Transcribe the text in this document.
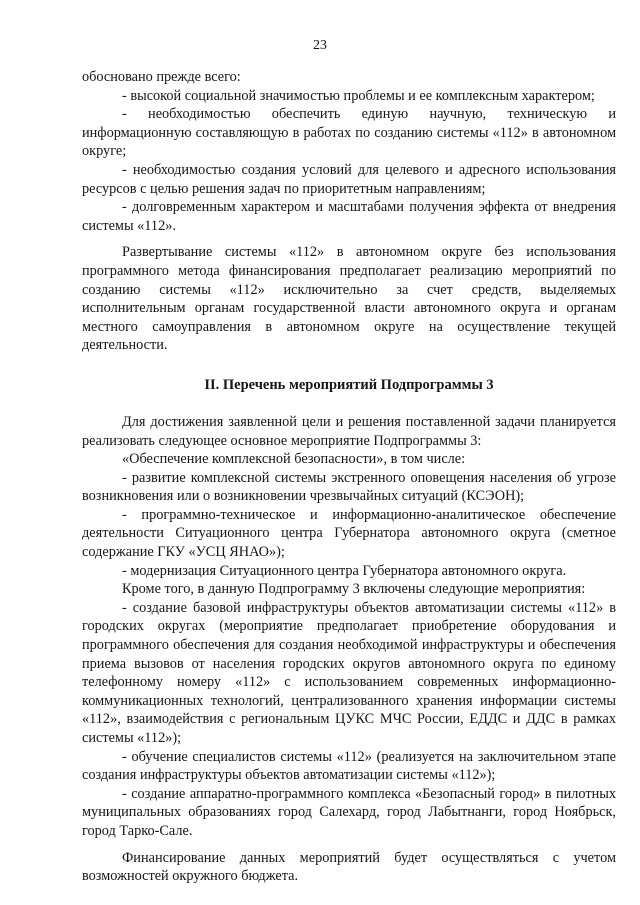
23

обосновано прежде всего:

- высокой социальной значимостью проблемы и ее комплексным характером;

- необходимостью обеспечить единую научную, техническую и информационную составляющую в работах по созданию системы «112» в автономном округе;

- необходимостью создания условий для целевого и адресного использования ресурсов с целью решения задач по приоритетным направлениям;

- долговременным характером и масштабами получения эффекта от внедрения системы «112».

Развертывание системы «112» в автономном округе без использования программного метода финансирования предполагает реализацию мероприятий по созданию системы «112» исключительно за счет средств, выделяемых исполнительным органам государственной власти автономного округа и органам местного самоуправления в автономном округе на осуществление текущей деятельности.

II. Перечень мероприятий Подпрограммы 3

Для достижения заявленной цели и решения поставленной задачи планируется реализовать следующее основное мероприятие Подпрограммы 3:

«Обеспечение комплексной безопасности», в том числе:

- развитие комплексной системы экстренного оповещения населения об угрозе возникновения или о возникновении чрезвычайных ситуаций (КСЭОН);

- программно-техническое и информационно-аналитическое обеспечение деятельности Ситуационного центра Губернатора автономного округа (сметное содержание ГКУ «УСЦ ЯНАО»);

- модернизация Ситуационного центра Губернатора автономного округа.

Кроме того, в данную Подпрограмму 3 включены следующие мероприятия:

- создание базовой инфраструктуры объектов автоматизации системы «112» в городских округах (мероприятие предполагает приобретение оборудования и программного обеспечения для создания необходимой инфраструктуры и обеспечения приема вызовов от населения городских округов автономного округа по единому телефонному номеру «112» с использованием современных информационно-коммуникационных технологий, централизованного хранения информации системы «112», взаимодействия с региональным ЦУКС МЧС России, ЕДДС и ДДС в рамках системы «112»);

- обучение специалистов системы «112» (реализуется на заключительном этапе создания инфраструктуры объектов автоматизации системы «112»);

- создание аппаратно-программного комплекса «Безопасный город» в пилотных муниципальных образованиях город Салехард, город Лабытнанги, город Ноябрьск, город Тарко-Сале.

Финансирование данных мероприятий будет осуществляться с учетом возможностей окружного бюджета.
